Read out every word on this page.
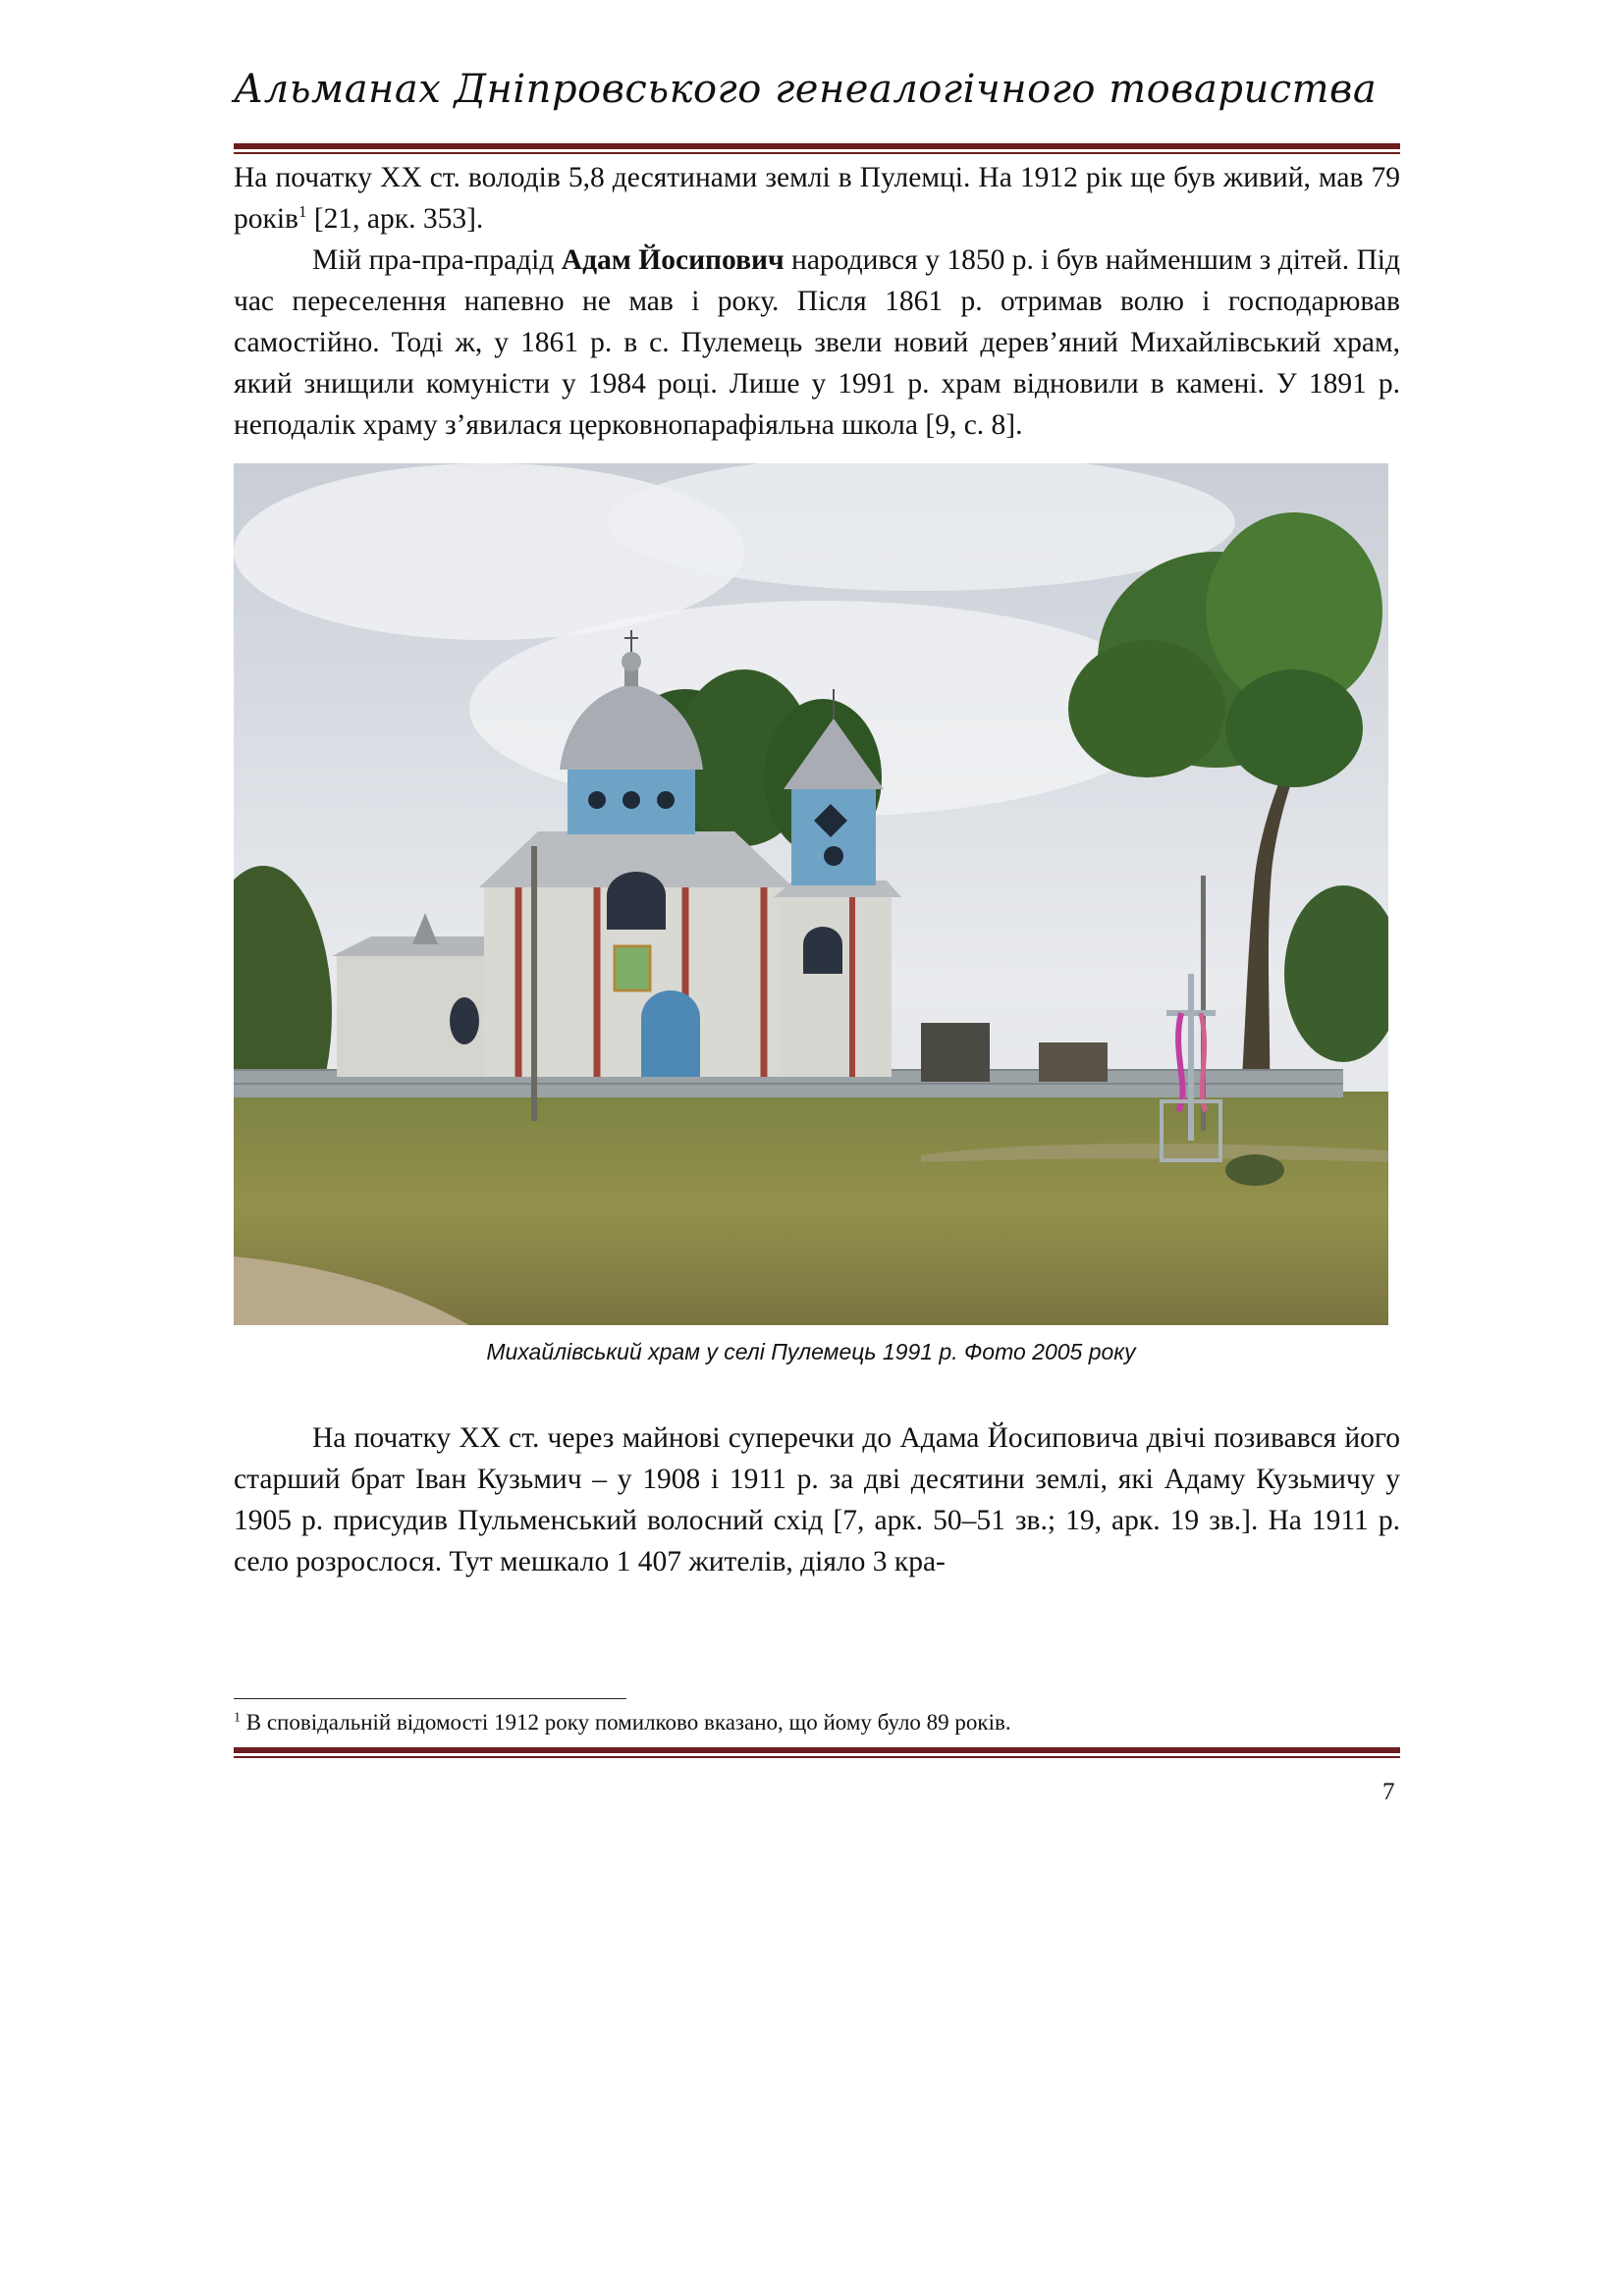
Альманах Дніпровського генеалогічного товариства

На початку XX ст. володів 5,8 десятинами землі в Пулемці. На 1912 рік ще був живий, мав 79 років$^1$ [21, арк. 353].

Мій пра-пра-прадід Адам Йосипович народився у 1850 р. і був найменшим з дітей. Під час переселення напевно не мав і року. Після 1861 р. отримав волю і господарював самостійно. Тоді ж, у 1861 р. в с. Пулемець звели новий дерев’яний Михайлівський храм, який знищили комуністи у 1984 році. Лише у 1991 р. храм відновили в камені. У 1891 р. неподалік храму з’явилася церковнопарафіяльна школа [9, с. 8].

Михайлівський храм у селі Пулемець 1991 р. Фото 2005 року

На початку XX ст. через майнові суперечки до Адама Йосиповича двічі позивався його старший брат Іван Кузьмич – у 1908 і 1911 р. за дві десятини землі, які Адаму Кузьмичу у 1905 р. присудив Пульменський волосний схід [7, арк. 50–51 зв.; 19, арк. 19 зв.]. На 1911 р. село розрослося. Тут мешкало 1 407 жителів, діяло 3 кра-

$^1$ В сповідальній відомості 1912 року помилково вказано, що йому було 89 років.
7
